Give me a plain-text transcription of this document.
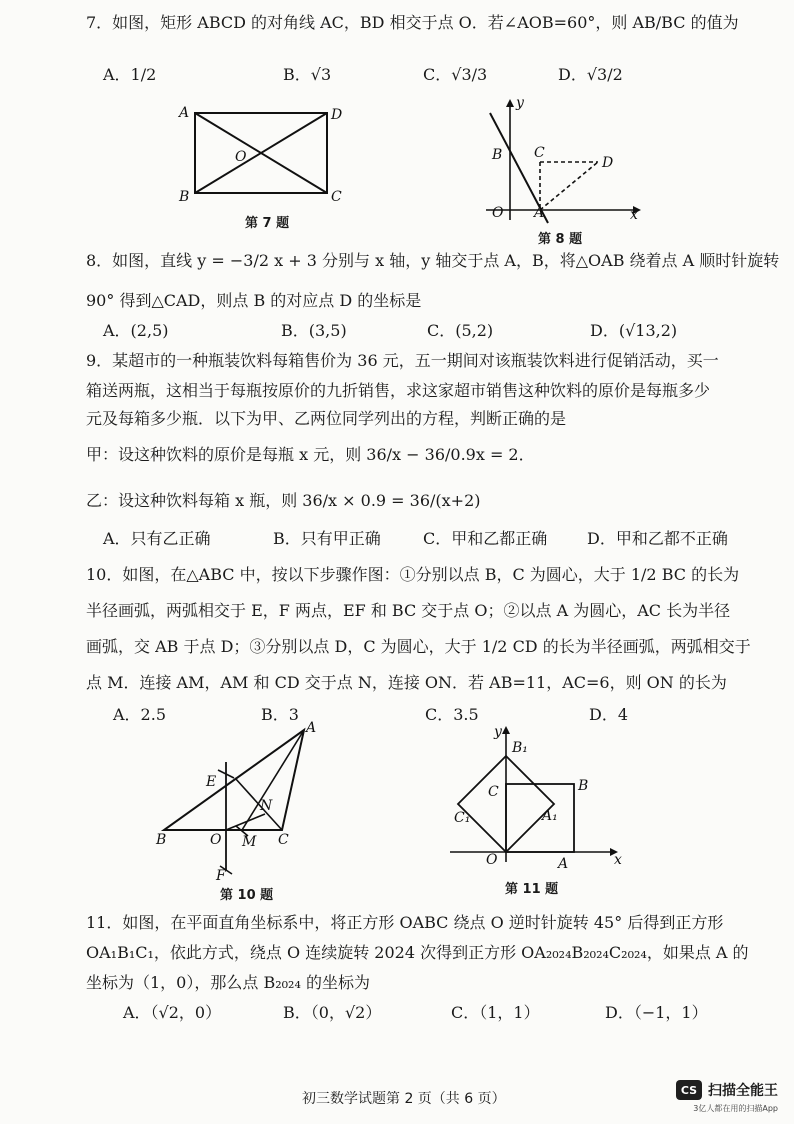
7．如图，矩形 ABCD 的对角线 AC，BD 相交于点 O．若∠AOB=60°，则 AB/BC 的值为
A．1/2	B．√3	C．√3/3	D．√3/2
A	D
O
B	C
第 7 题
y
B C
D
O A	x
第 8 题
8．如图，直线 y = −3/2 x + 3 分别与 x 轴，y 轴交于点 A，B，将△OAB 绕着点 A 顺时针旋转
90° 得到△CAD，则点 B 的对应点 D 的坐标是
A．(2,5)	B．(3,5)	C．(5,2)	D．(√13,2)
9．某超市的一种瓶装饮料每箱售价为 36 元，五一期间对该瓶装饮料进行促销活动，买一
箱送两瓶，这相当于每瓶按原价的九折销售，求这家超市销售这种饮料的原价是每瓶多少
元及每箱多少瓶．以下为甲、乙两位同学列出的方程，判断正确的是
甲：设这种饮料的原价是每瓶 x 元，则 36/x − 36/0.9x = 2．
乙：设这种饮料每箱 x 瓶，则 36/x × 0.9 = 36/(x+2)
A．只有乙正确	B．只有甲正确	C．甲和乙都正确 D．甲和乙都不正确
10．如图，在△ABC 中，按以下步骤作图：①分别以点 B，C 为圆心，大于 1/2 BC 的长为
半径画弧，两弧相交于 E，F 两点，EF 和 BC 交于点 O；②以点 A 为圆心，AC 长为半径
画弧，交 AB 于点 D；③分别以点 D，C 为圆心，大于 1/2 CD 的长为半径画弧，两弧相交于
点 M．连接 AM，AM 和 CD 交于点 N，连接 ON．若 AB=11，AC=6，则 ON 的长为
A．2.5	B．3	C．3.5	D．4
A
E
N
B	O M C
F
第 10 题
y
B₁
B
C
C₁	A₁
O	A	x
第 11 题
11．如图，在平面直角坐标系中，将正方形 OABC 绕点 O 逆时针旋转 45° 后得到正方形
OA₁B₁C₁，依此方式，绕点 O 连续旋转 2024 次得到正方形 OA₂₀₂₄B₂₀₂₄C₂₀₂₄，如果点 A 的
坐标为（1，0），那么点 B₂₀₂₄ 的坐标为
A．（√2，0）	B．（0，√2）	C．（1，1）	D．（−1，1）
初三数学试题第 2 页（共 6 页）
CS 扫描全能王
3亿人都在用的扫描App
